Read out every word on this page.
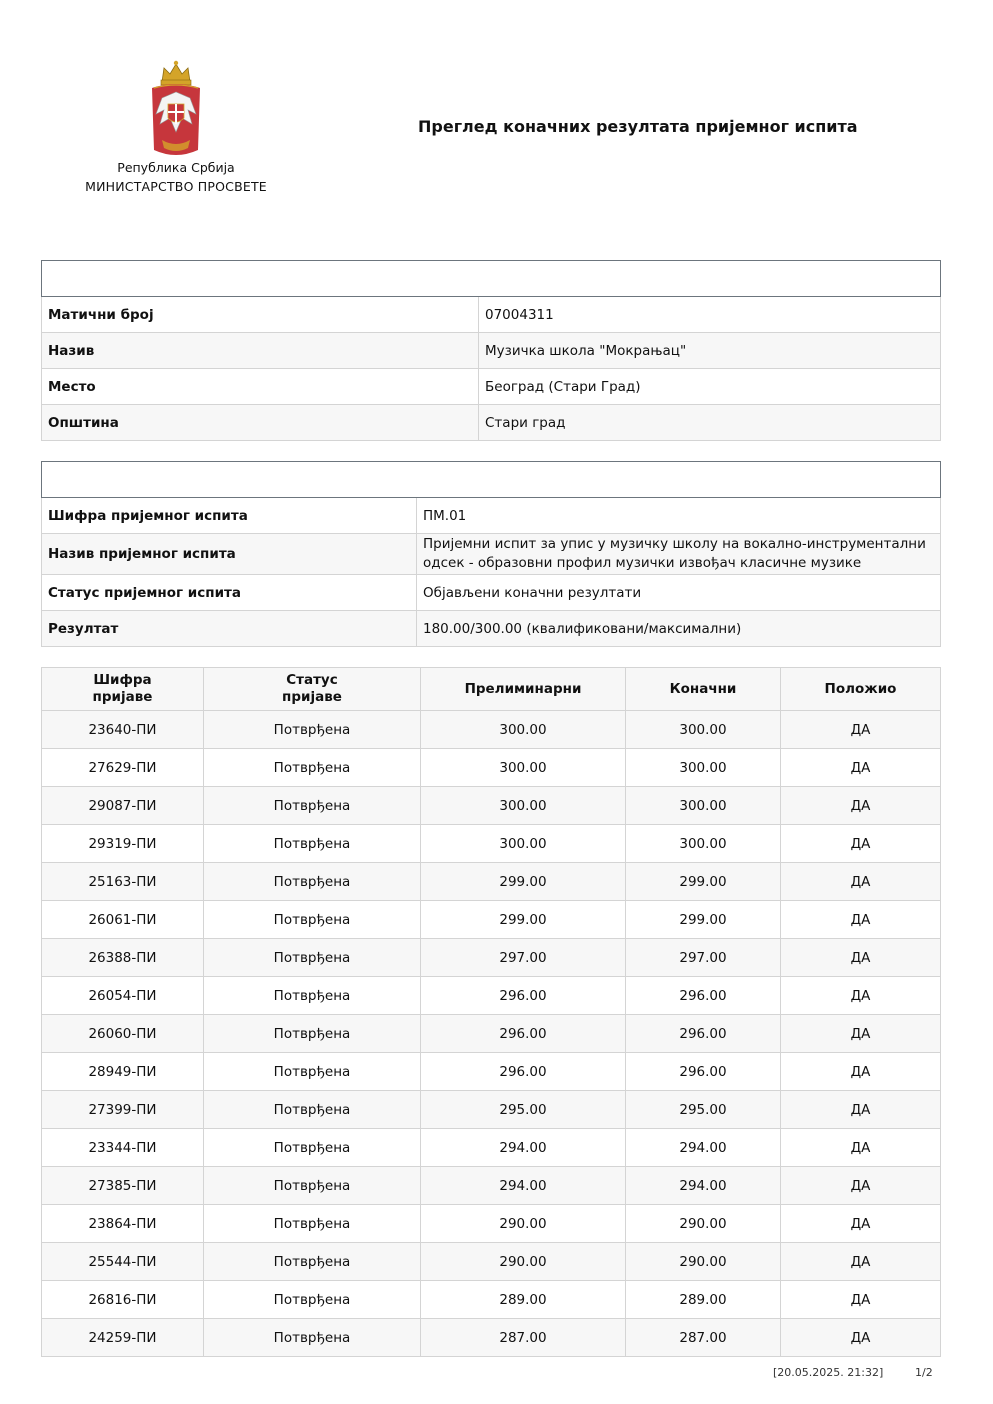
Република Србија
МИНИСТАРСТВО ПРОСВЕТЕ
Преглед коначних резултата пријемног испита
ПОДАЦИ О ШКОЛИ	
Матични број	07004311
Назив	Музичка школа "Мокрањац"
Место	Београд (Стари Град)
Општина	Стари град
ПОДАЦИ О ПРИЈЕМНОМ ИСПИТУ	
Шифра пријемног испита	ПМ.01
Назив пријемног испита	Пријемни испит за упис у музичку школу на вокално-инструментални одсек - образовни профил музички извођач класичне музике
Статус пријемног испита	Објављени коначни резултати
Резултат	180.00/300.00 (квалификовани/максимални)
Шифра пријаве	Статус пријаве	Прелиминарни	Коначни	Положио
23640-ПИ	Потврђена	300.00	300.00	ДА
27629-ПИ	Потврђена	300.00	300.00	ДА
29087-ПИ	Потврђена	300.00	300.00	ДА
29319-ПИ	Потврђена	300.00	300.00	ДА
25163-ПИ	Потврђена	299.00	299.00	ДА
26061-ПИ	Потврђена	299.00	299.00	ДА
26388-ПИ	Потврђена	297.00	297.00	ДА
26054-ПИ	Потврђена	296.00	296.00	ДА
26060-ПИ	Потврђена	296.00	296.00	ДА
28949-ПИ	Потврђена	296.00	296.00	ДА
27399-ПИ	Потврђена	295.00	295.00	ДА
23344-ПИ	Потврђена	294.00	294.00	ДА
27385-ПИ	Потврђена	294.00	294.00	ДА
23864-ПИ	Потврђена	290.00	290.00	ДА
25544-ПИ	Потврђена	290.00	290.00	ДА
26816-ПИ	Потврђена	289.00	289.00	ДА
24259-ПИ	Потврђена	287.00	287.00	ДА
[20.05.2025. 21:32]	1/2
